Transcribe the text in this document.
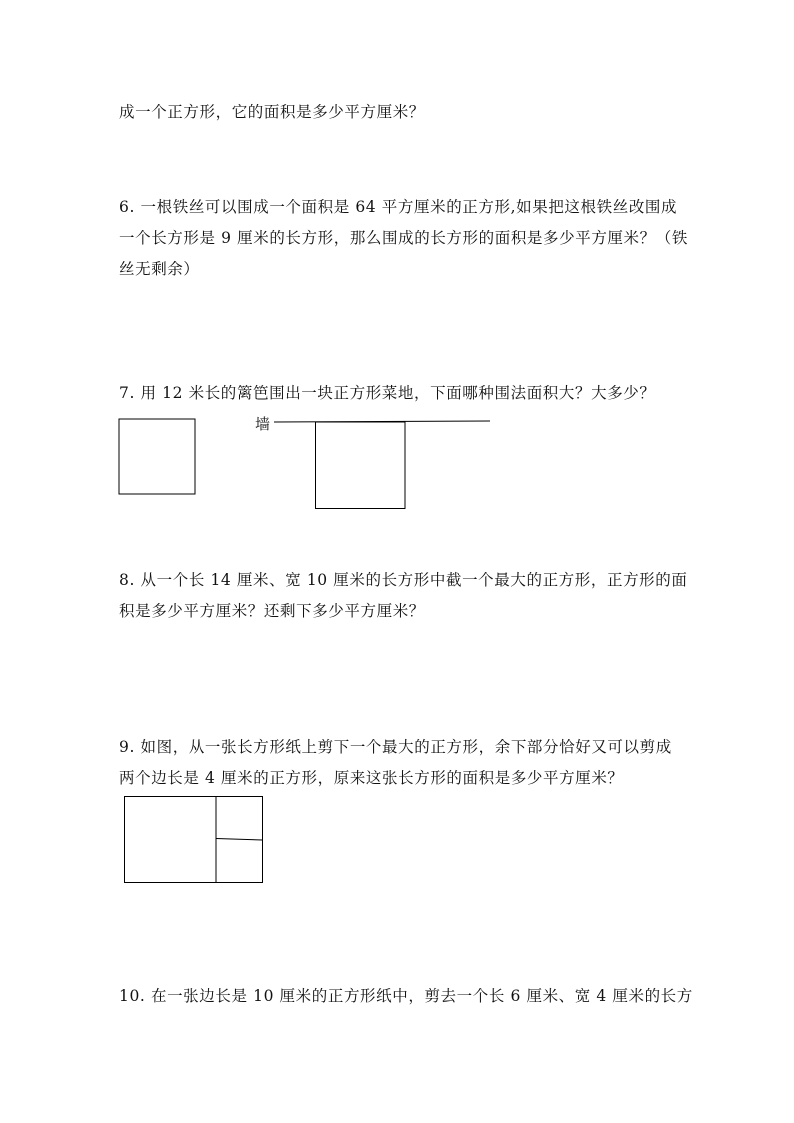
成一个正方形，它的面积是多少平方厘米？
6. 一根铁丝可以围成一个面积是 64 平方厘米的正方形,如果把这根铁丝改围成
一个长方形是 9 厘米的长方形，那么围成的长方形的面积是多少平方厘米？（铁
丝无剩余）
7. 用 12 米长的篱笆围出一块正方形菜地，下面哪种围法面积大？大多少？
墙
8. 从一个长 14 厘米、宽 10 厘米的长方形中截一个最大的正方形，正方形的面
积是多少平方厘米？还剩下多少平方厘米？
9. 如图，从一张长方形纸上剪下一个最大的正方形，余下部分恰好又可以剪成
两个边长是 4 厘米的正方形，原来这张长方形的面积是多少平方厘米？
10. 在一张边长是 10 厘米的正方形纸中，剪去一个长 6 厘米、宽 4 厘米的长方
